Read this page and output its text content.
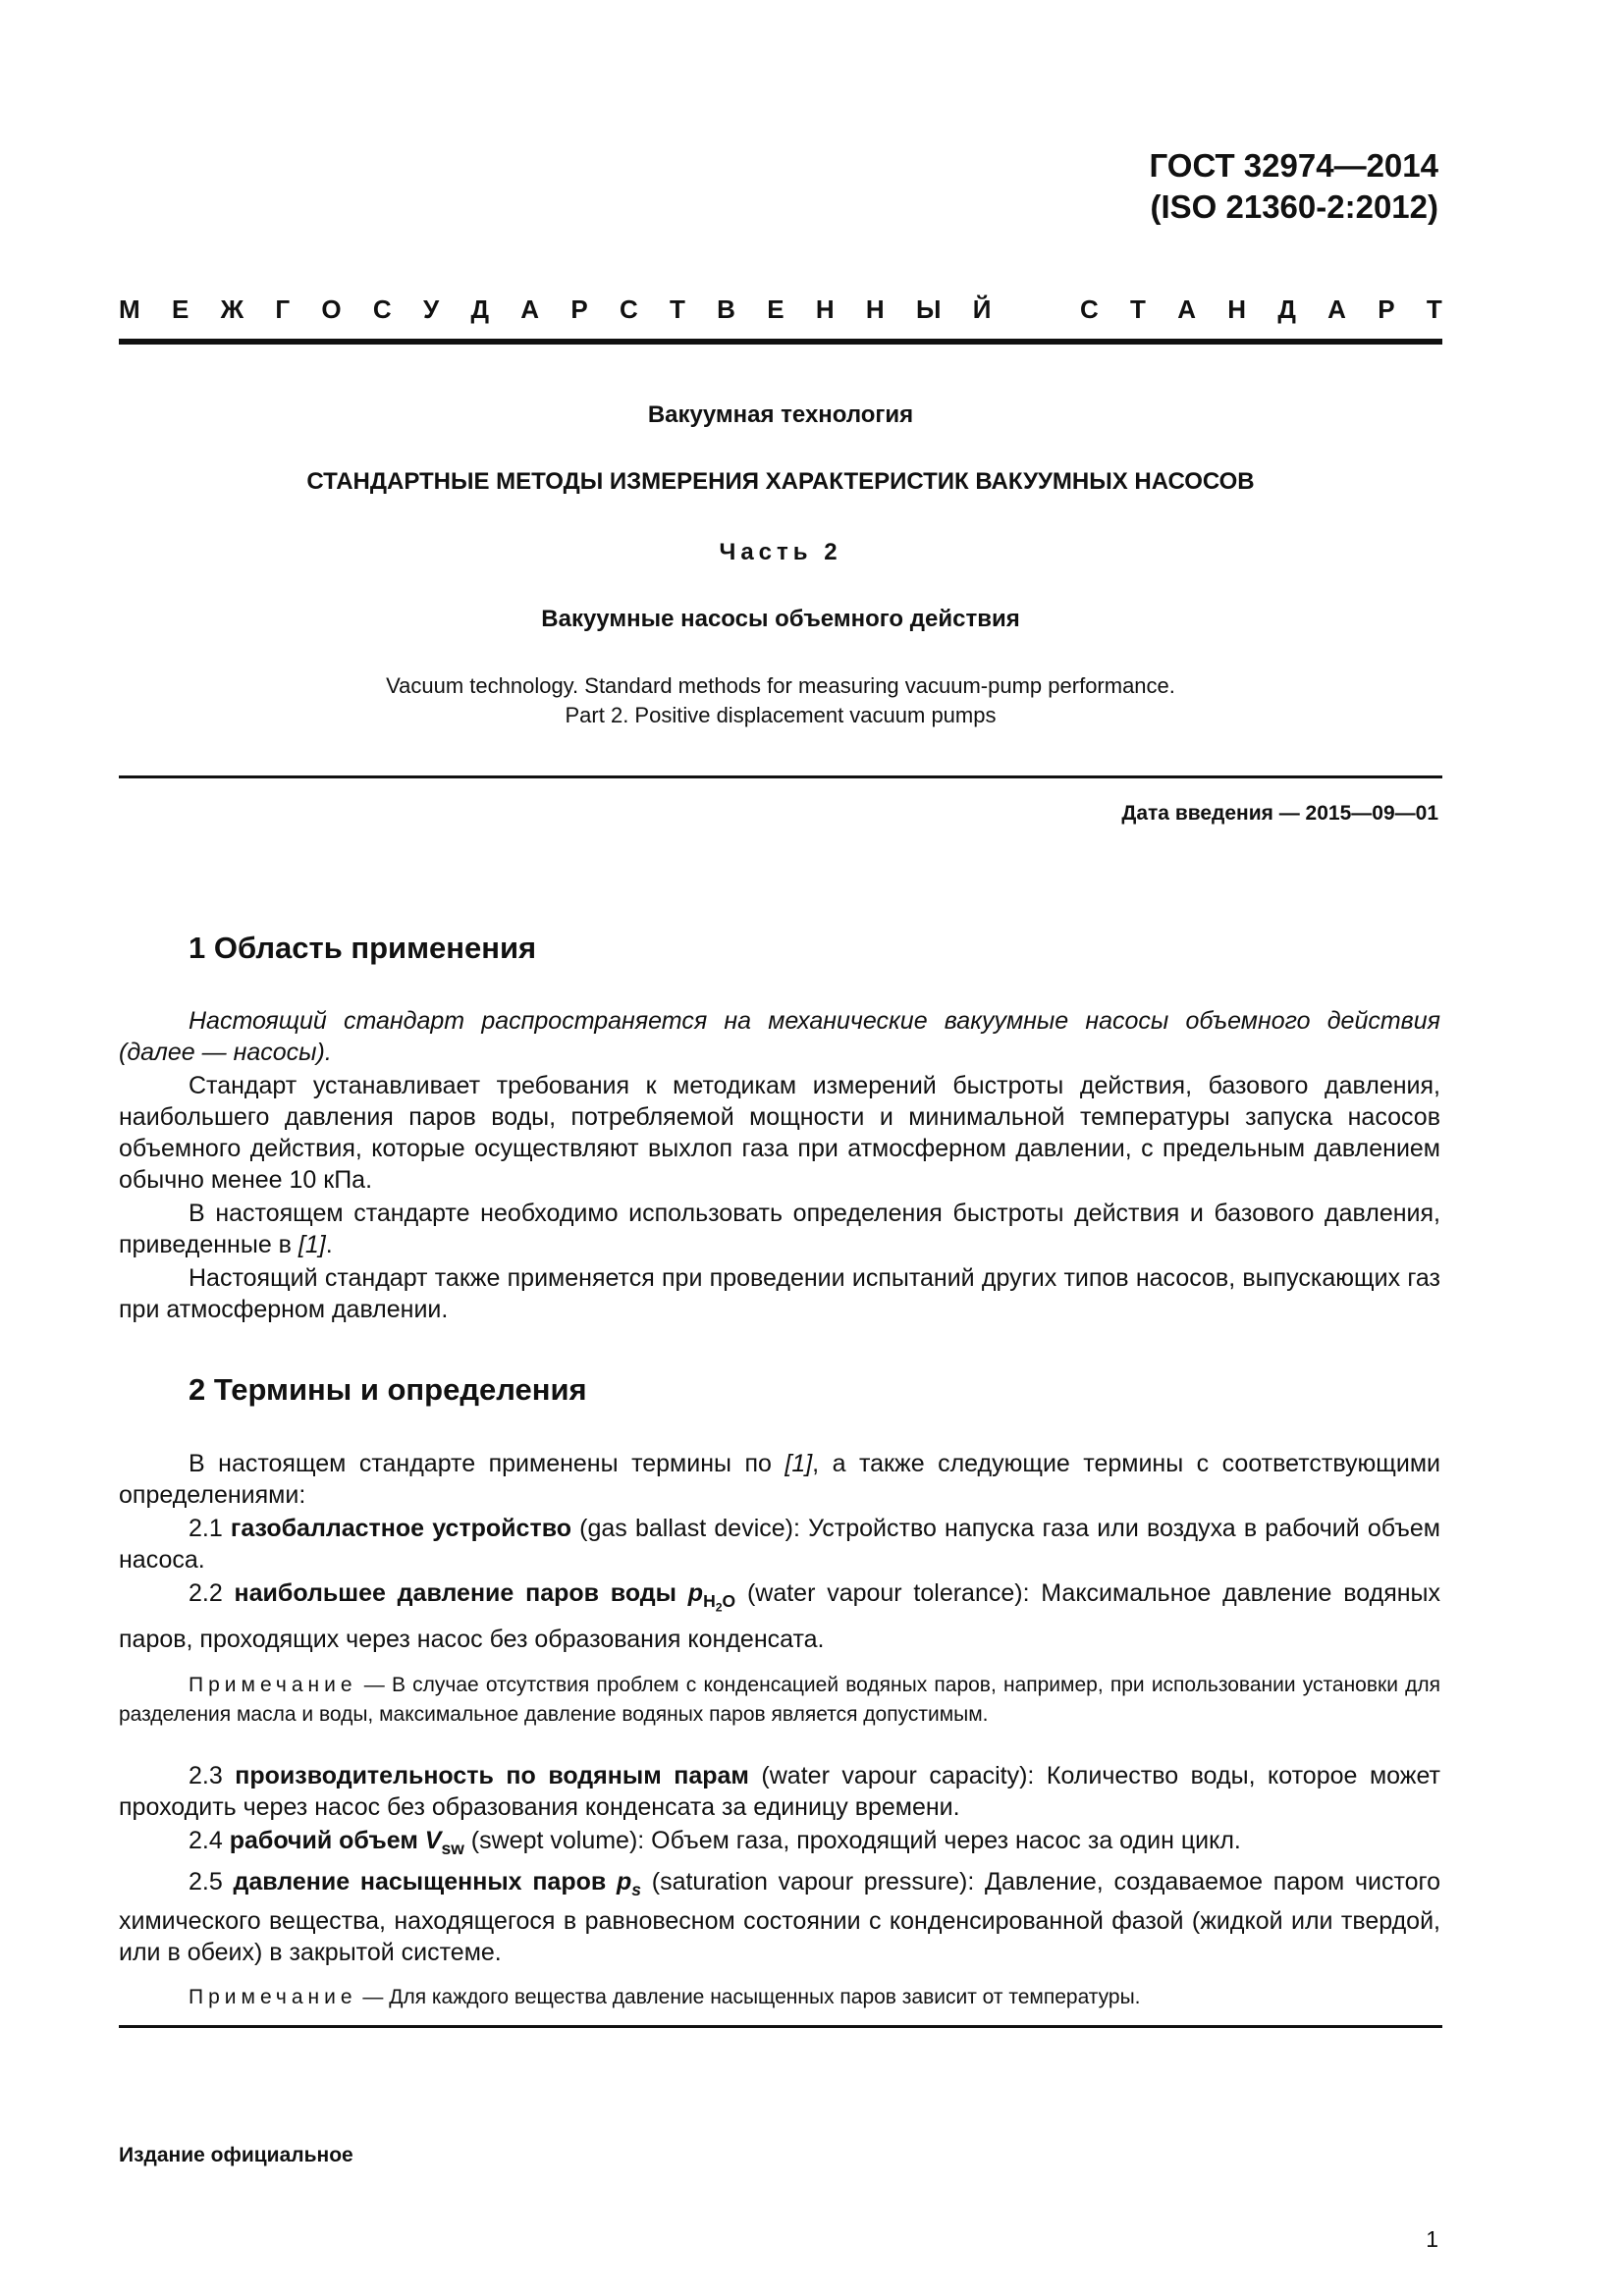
ГОСТ 32974—2014
(ISO 21360-2:2012)
М Е Ж Г О С У Д А Р С Т В Е Н Н Ы Й	С Т А Н Д А Р Т
Вакуумная технология
СТАНДАРТНЫЕ МЕТОДЫ ИЗМЕРЕНИЯ ХАРАКТЕРИСТИК ВАКУУМНЫХ НАСОСОВ
Часть 2
Вакуумные насосы объемного действия
Vacuum technology. Standard methods for measuring vacuum-pump performance.
Part 2. Positive displacement vacuum pumps
Дата введения — 2015—09—01
1 Область применения

Настоящий стандарт распространяется на механические вакуумные насосы объемного действия (далее — насосы).

Стандарт устанавливает требования к методикам измерений быстроты действия, базового давления, наибольшего давления паров воды, потребляемой мощности и минимальной температуры запуска насосов объемного действия, которые осуществляют выхлоп газа при атмосферном давлении, с предельным давлением обычно менее 10 кПа.

В настоящем стандарте необходимо использовать определения быстроты действия и базового давления, приведенные в [1].

Настоящий стандарт также применяется при проведении испытаний других типов насосов, выпускающих газ при атмосферном давлении.

2 Термины и определения

В настоящем стандарте применены термины по [1], а также следующие термины с соответствующими определениями:

2.1 газобалластное устройство (gas ballast device): Устройство напуска газа или воздуха в рабочий объем насоса.

2.2 наибольшее давление паров воды $p_{H_2O}$ (water vapour tolerance): Максимальное давление водяных паров, проходящих через насос без образования конденсата.

Примечание — В случае отсутствия проблем с конденсацией водяных паров, например, при использовании установки для разделения масла и воды, максимальное давление водяных паров является допустимым.

2.3 производительность по водяным парам (water vapour capacity): Количество воды, которое может проходить через насос без образования конденсата за единицу времени.

2.4 рабочий объем $V_{sw}$ (swept volume): Объем газа, проходящий через насос за один цикл.

2.5 давление насыщенных паров $p_s$ (saturation vapour pressure): Давление, создаваемое паром чистого химического вещества, находящегося в равновесном состоянии с конденсированной фазой (жидкой или твердой, или в обеих) в закрытой системе.

Примечание — Для каждого вещества давление насыщенных паров зависит от температуры.

Издание официальное
1
